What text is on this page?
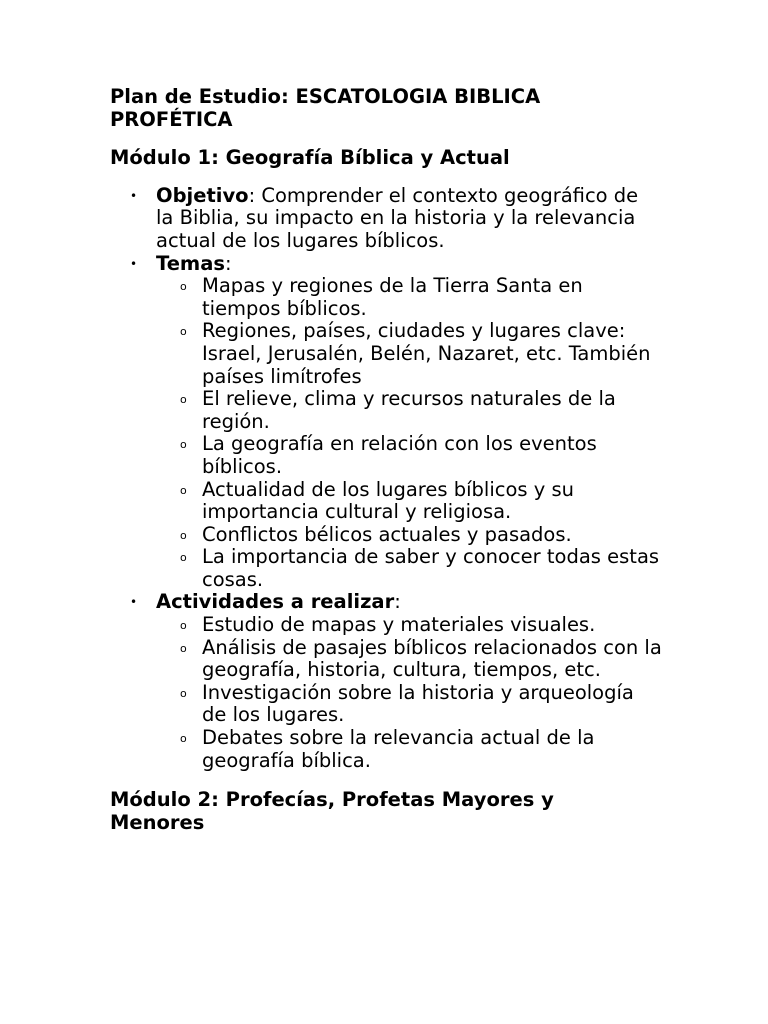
Plan de Estudio: ESCATOLOGIA BIBLICA PROFÉTICA

Módulo 1: Geografía Bíblica y Actual

• Objetivo: Comprender el contexto geográfico de la Biblia, su impacto en la historia y la relevancia actual de los lugares bíblicos.
• Temas:
o Mapas y regiones de la Tierra Santa en tiempos bíblicos.
o Regiones, países, ciudades y lugares clave: Israel, Jerusalén, Belén, Nazaret, etc. También países limítrofes
o El relieve, clima y recursos naturales de la región.
o La geografía en relación con los eventos bíblicos.
o Actualidad de los lugares bíblicos y su importancia cultural y religiosa.
o Conflictos bélicos actuales y pasados.
o La importancia de saber y conocer todas estas cosas.
• Actividades a realizar:
o Estudio de mapas y materiales visuales.
o Análisis de pasajes bíblicos relacionados con la geografía, historia, cultura, tiempos, etc.
o Investigación sobre la historia y arqueología de los lugares.
o Debates sobre la relevancia actual de la geografía bíblica.

Módulo 2: Profecías, Profetas Mayores y Menores
